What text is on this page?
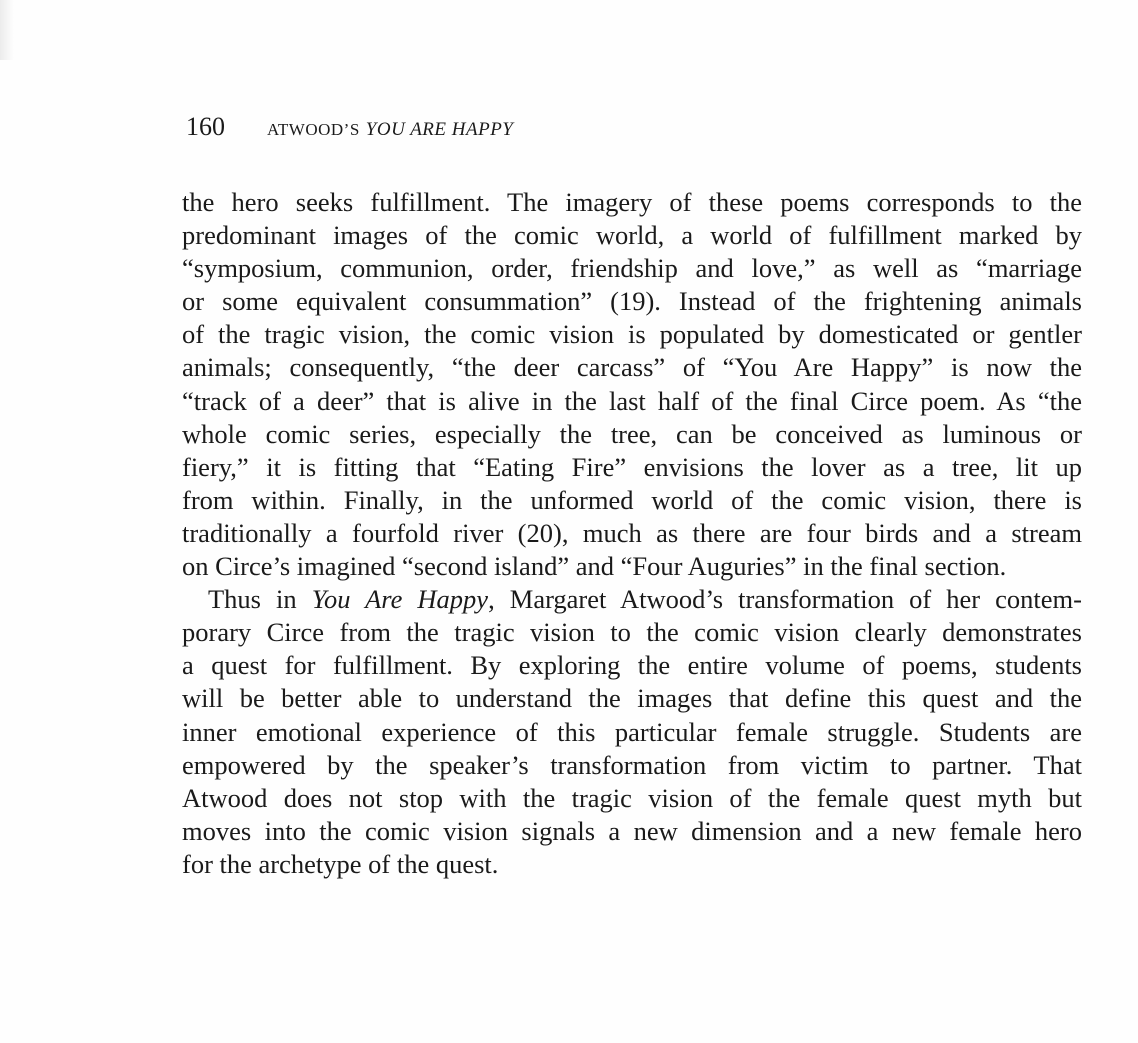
160 ATWOOD’S YOU ARE HAPPY
the hero seeks fulfillment. The imagery of these poems corresponds to the
predominant images of the comic world, a world of fulfillment marked by
“symposium, communion, order, friendship and love,” as well as “marriage
or some equivalent consummation” (19). Instead of the frightening animals
of the tragic vision, the comic vision is populated by domesticated or gentler
animals; consequently, “the deer carcass” of “You Are Happy” is now the
“track of a deer” that is alive in the last half of the final Circe poem. As “the
whole comic series, especially the tree, can be conceived as luminous or
fiery,” it is fitting that “Eating Fire” envisions the lover as a tree, lit up
from within. Finally, in the unformed world of the comic vision, there is
traditionally a fourfold river (20), much as there are four birds and a stream
on Circe’s imagined “second island” and “Four Auguries” in the final section.
Thus in You Are Happy, Margaret Atwood’s transformation of her contem-
porary Circe from the tragic vision to the comic vision clearly demonstrates
a quest for fulfillment. By exploring the entire volume of poems, students
will be better able to understand the images that define this quest and the
inner emotional experience of this particular female struggle. Students are
empowered by the speaker’s transformation from victim to partner. That
Atwood does not stop with the tragic vision of the female quest myth but
moves into the comic vision signals a new dimension and a new female hero
for the archetype of the quest.
